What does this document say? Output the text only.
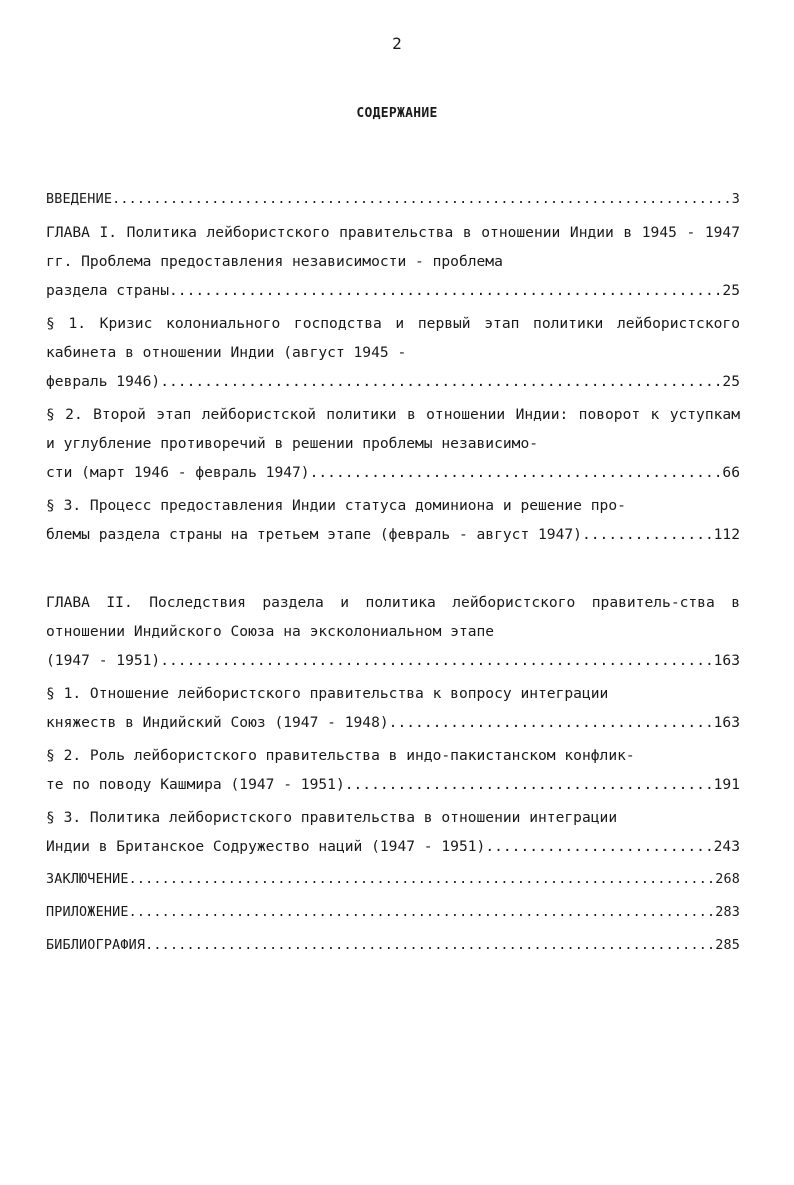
2
СОДЕРЖАНИЕ
ВВЕДЕНИЕ .....	3
ГЛАВА I. Политика лейбористского правительства в отношении Индии в 1945 - 1947 гг. Проблема предоставления независимости - проблема
раздела страны .....	25
§ 1. Кризис колониального господства и первый этап политики лейбористского кабинета в отношении Индии (август 1945 -
февраль 1946) .....	25
§ 2. Второй этап лейбористской политики в отношении Индии: поворот к уступкам и углубление противоречий в решении проблемы независимо-
сти (март 1946 - февраль 1947) .....	66
§ 3. Процесс предоставления Индии статуса доминиона и решение про-
блемы раздела страны на третьем этапе (февраль - август 1947) .....	112
ГЛАВА II. Последствия раздела и политика лейбористского правитель-ства в отношении Индийского Союза на эксколониальном этапе
(1947 - 1951) .....	163
§ 1. Отношение лейбористского правительства к вопросу интеграции
княжеств в Индийский Союз (1947 - 1948) .....	163
§ 2. Роль лейбористского правительства в индо-пакистанском конфлик-
те по поводу Кашмира (1947 - 1951) .....	191
§ 3. Политика лейбористского правительства в отношении интеграции
Индии в Британское Содружество наций (1947 - 1951) .....	243
ЗАКЛЮЧЕНИЕ .....	268
ПРИЛОЖЕНИЕ .....	283
БИБЛИОГРАФИЯ .....	285
